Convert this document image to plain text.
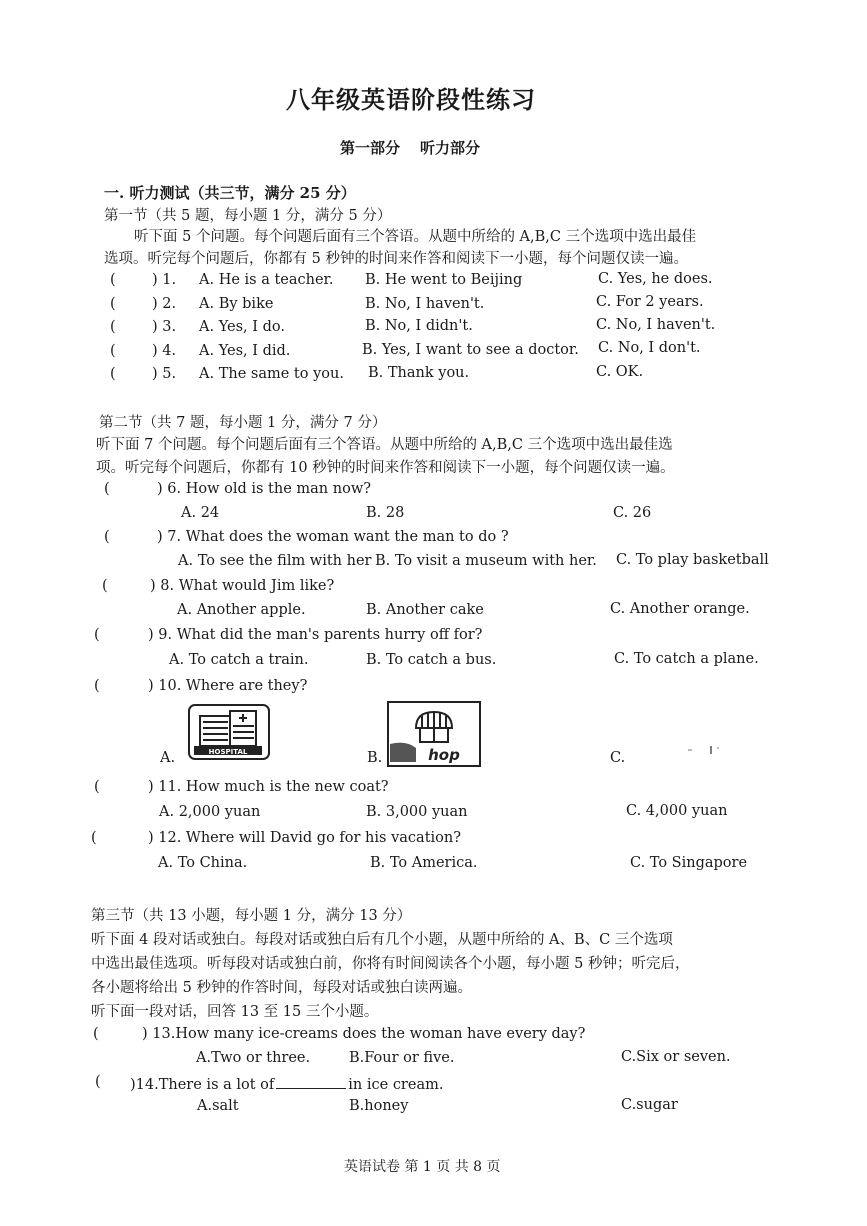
八年级英语阶段性练习
第一部分 听力部分
一. 听力测试（共三节，满分 25 分）
第一节（共 5 题，每小题 1 分，满分 5 分）
听下面 5 个问题。每个问题后面有三个答语。从题中所给的 A,B,C 三个选项中选出最佳
选项。听完每个问题后，你都有 5 秒钟的时间来作答和阅读下一小题，每个问题仅读一遍。
(	) 1. A. He is a teacher. B. He went to Beijing	C. Yes, he does.
(	) 2. A. By bike	B. No, I haven't.	C. For 2 years.
(	) 3. A. Yes, I do.	B. No, I didn't.	C. No, I haven't.
(	) 4. A. Yes, I did.	B. Yes, I want to see a doctor. C. No, I don't.
(	) 5. A. The same to you. B. Thank you.	C. OK.
第二节（共 7 题，每小题 1 分，满分 7 分）
听下面 7 个问题。每个问题后面有三个答语。从题中所给的 A,B,C 三个选项中选出最佳选
项。听完每个问题后，你都有 10 秒钟的时间来作答和阅读下一小题，每个问题仅读一遍。
(	) 6. How old is the man now?
A. 24	B. 28	C. 26
(	) 7. What does the woman want the man to do ?
A. To see the film with her B. To visit a museum with her. C. To play basketball
(	) 8. What would Jim like?
A. Another apple.	B. Another cake	C. Another orange.
(	) 9. What did the man's parents hurry off for?
A. To catch a train.	B. To catch a bus.	C. To catch a plane.
(	) 10. Where are they?
A.	B.	C.
HOSPITAL	hop
(	) 11. How much is the new coat?
A. 2,000 yuan	B. 3,000 yuan	C. 4,000 yuan
(	) 12. Where will David go for his vacation?
A. To China.	B. To America.	C. To Singapore
第三节（共 13 小题，每小题 1 分，满分 13 分）
听下面 4 段对话或独白。每段对话或独白后有几个小题，从题中所给的 A、B、C 三个选项
中选出最佳选项。听每段对话或独白前，你将有时间阅读各个小题，每小题 5 秒钟；听完后，
各小题将给出 5 秒钟的作答时间，每段对话或独白读两遍。
听下面一段对话，回答 13 至 15 三个小题。
(	) 13.How many ice-creams does the woman have every day?
A.Two or three.	B.Four or five.	C.Six or seven.
( )14.There is a lot of	in ice cream.
A.salt	B.honey	C.sugar
英语试卷 第 1 页 共 8 页
